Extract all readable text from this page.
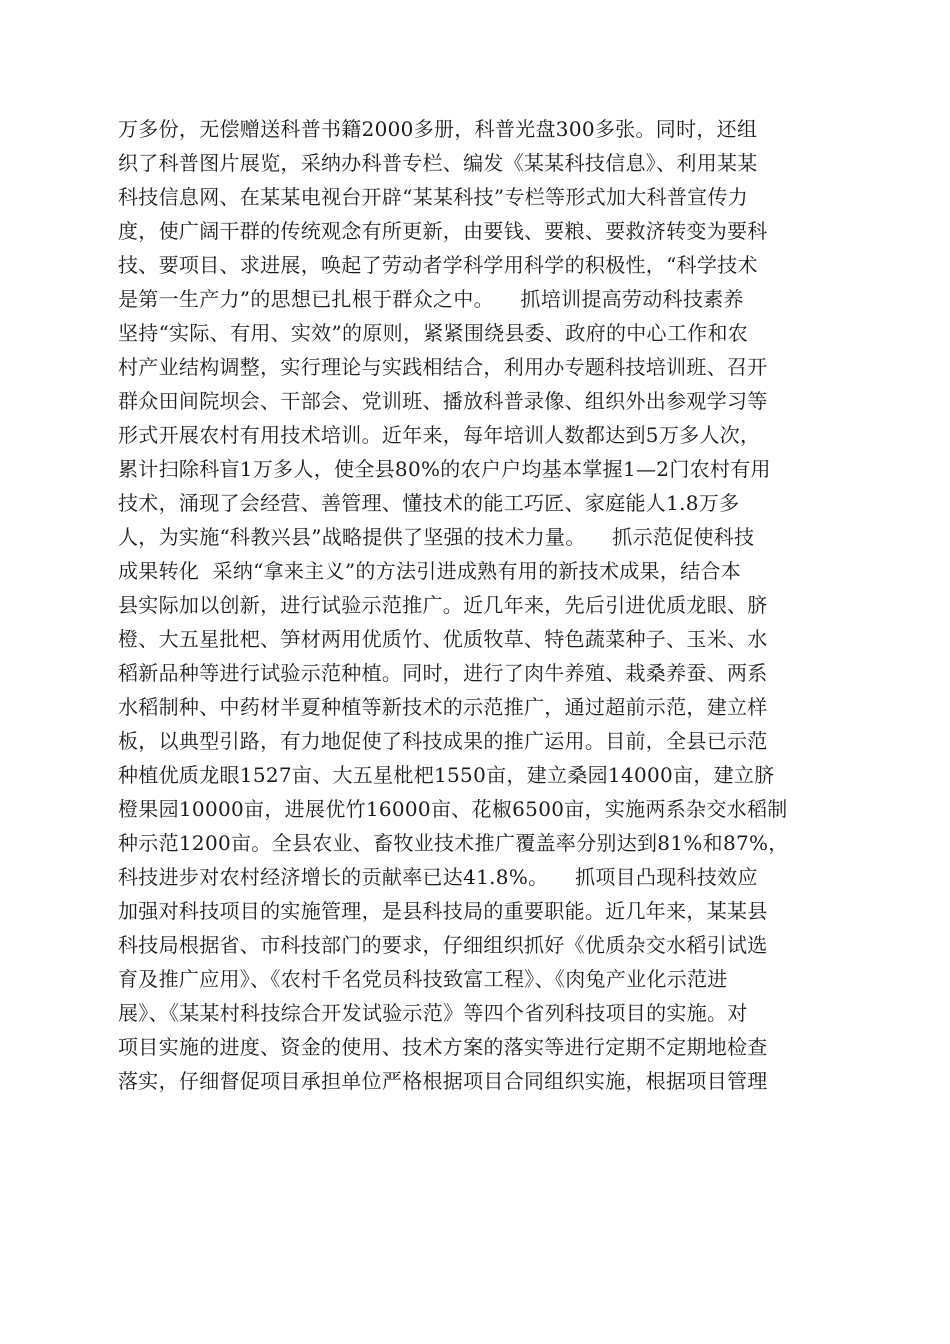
万多份，无偿赠送科普书籍2000多册，科普光盘300多张。同时，还组
织了科普图片展览，采纳办科普专栏、编发《某某科技信息》、利用某某
科技信息网、在某某电视台开辟“某某科技”专栏等形式加大科普宣传力
度，使广阔干群的传统观念有所更新，由要钱、要粮、要救济转变为要科
技、要项目、求进展，唤起了劳动者学科学用科学的积极性，“科学技术
是第一生产力”的思想已扎根于群众之中。    抓培训提高劳动科技素养
坚持“实际、有用、实效”的原则，紧紧围绕县委、政府的中心工作和农
村产业结构调整，实行理论与实践相结合，利用办专题科技培训班、召开
群众田间院坝会、干部会、党训班、播放科普录像、组织外出参观学习等
形式开展农村有用技术培训。近年来，每年培训人数都达到5万多人次，
累计扫除科盲1万多人，使全县80%的农户户均基本掌握1—2门农村有用
技术，涌现了会经营、善管理、懂技术的能工巧匠、家庭能人1.8万多
人，为实施“科教兴县”战略提供了坚强的技术力量。    抓示范促使科技
成果转化  采纳“拿来主义”的方法引进成熟有用的新技术成果，结合本
县实际加以创新，进行试验示范推广。近几年来，先后引进优质龙眼、脐
橙、大五星批杷、笋材两用优质竹、优质牧草、特色蔬菜种子、玉米、水
稻新品种等进行试验示范种植。同时，进行了肉牛养殖、栽桑养蚕、两系
水稻制种、中药材半夏种植等新技术的示范推广，通过超前示范，建立样
板，以典型引路，有力地促使了科技成果的推广运用。目前，全县已示范
种植优质龙眼1527亩、大五星枇杷1550亩，建立桑园14000亩，建立脐
橙果园10000亩，进展优竹16000亩、花椒6500亩，实施两系杂交水稻制
种示范1200亩。全县农业、畜牧业技术推广覆盖率分别达到81%和87%，
科技进步对农村经济增长的贡献率已达41.8%。    抓项目凸现科技效应
加强对科技项目的实施管理，是县科技局的重要职能。近几年来，某某县
科技局根据省、市科技部门的要求，仔细组织抓好《优质杂交水稻引试选
育及推广应用》、《农村千名党员科技致富工程》、《肉兔产业化示范进
展》、《某某村科技综合开发试验示范》等四个省列科技项目的实施。对
项目实施的进度、资金的使用、技术方案的落实等进行定期不定期地检查
落实，仔细督促项目承担单位严格根据项目合同组织实施，根据项目管理
